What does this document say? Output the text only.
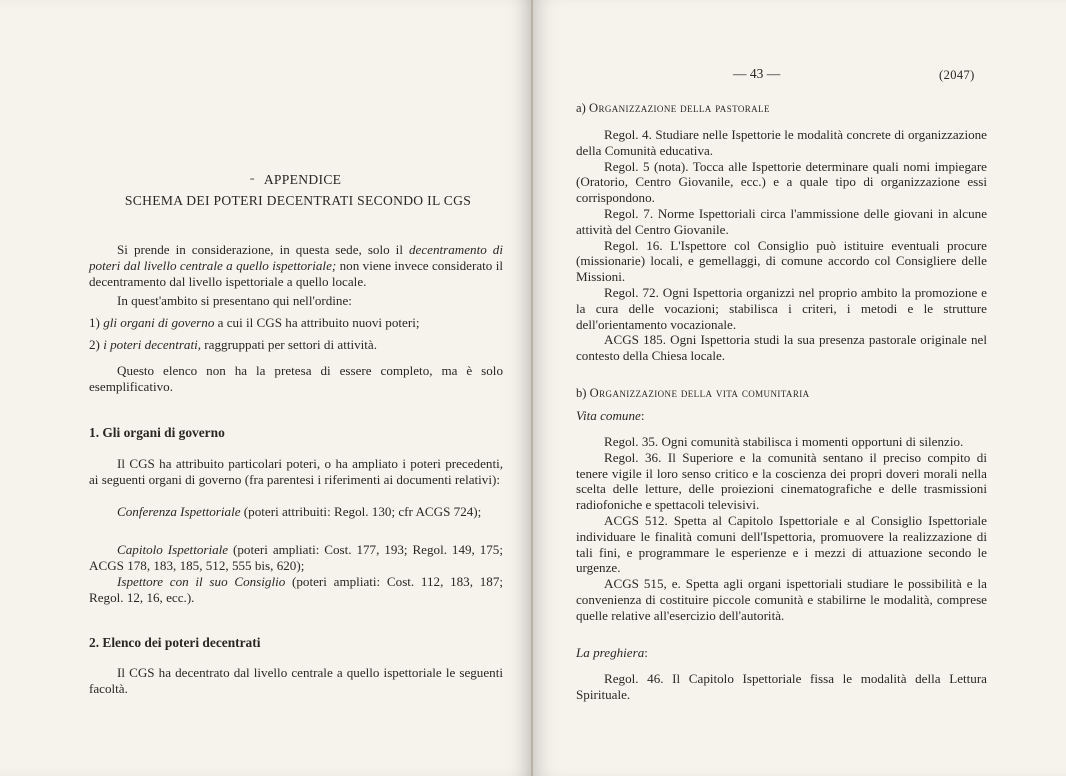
⁃ APPENDICE
SCHEMA DEI POTERI DECENTRATI SECONDO IL CGS
Si prende in considerazione, in questa sede, solo il decentramento di poteri dal livello centrale a quello ispettoriale; non viene invece considerato il decentramento dal livello ispettoriale a quello locale.
In quest'ambito si presentano qui nell'ordine:
1) gli organi di governo a cui il CGS ha attribuito nuovi poteri;
2) i poteri decentrati, raggruppati per settori di attività.
Questo elenco non ha la pretesa di essere completo, ma è solo esemplificativo.
1. Gli organi di governo
Il CGS ha attribuito particolari poteri, o ha ampliato i poteri precedenti, ai seguenti organi di governo (fra parentesi i riferimenti ai documenti relativi):
Conferenza Ispettoriale (poteri attribuiti: Regol. 130; cfr ACGS 724);
Capitolo Ispettoriale (poteri ampliati: Cost. 177, 193; Regol. 149, 175; ACGS 178, 183, 185, 512, 555 bis, 620);
Ispettore con il suo Consiglio (poteri ampliati: Cost. 112, 183, 187; Regol. 12, 16, ecc.).
2. Elenco dei poteri decentrati
Il CGS ha decentrato dal livello centrale a quello ispettoriale le seguenti facoltà.
— 43 —	(2047)
a) Organizzazione della pastorale

Regol. 4. Studiare nelle Ispettorie le modalità concrete di organizzazione della Comunità educativa.

Regol. 5 (nota). Tocca alle Ispettorie determinare quali nomi impiegare (Oratorio, Centro Giovanile, ecc.) e a quale tipo di organizzazione essi corrispondono.

Regol. 7. Norme Ispettoriali circa l'ammissione delle giovani in alcune attività del Centro Giovanile.

Regol. 16. L'Ispettore col Consiglio può istituire eventuali procure (missionarie) locali, e gemellaggi, di comune accordo col Consigliere delle Missioni.

Regol. 72. Ogni Ispettoria organizzi nel proprio ambito la promozione e la cura delle vocazioni; stabilisca i criteri, i metodi e le strutture dell'orientamento vocazionale.

ACGS 185. Ogni Ispettoria studi la sua presenza pastorale originale nel contesto della Chiesa locale.

b) Organizzazione della vita comunitaria
Vita comune:

Regol. 35. Ogni comunità stabilisca i momenti opportuni di silenzio.

Regol. 36. Il Superiore e la comunità sentano il preciso compito di tenere vigile il loro senso critico e la coscienza dei propri doveri morali nella scelta delle letture, delle proiezioni cinematografiche e delle trasmissioni radiofoniche e spettacoli televisivi.

ACGS 512. Spetta al Capitolo Ispettoriale e al Consiglio Ispettoriale individuare le finalità comuni dell'Ispettoria, promuovere la realizzazione di tali fini, e programmare le esperienze e i mezzi di attuazione secondo le urgenze.

ACGS 515, e. Spetta agli organi ispettoriali studiare le possibilità e la convenienza di costituire piccole comunità e stabilirne le modalità, comprese quelle relative all'esercizio dell'autorità.

La preghiera:
Regol. 46. Il Capitolo Ispettoriale fissa le modalità della Lettura Spirituale.
